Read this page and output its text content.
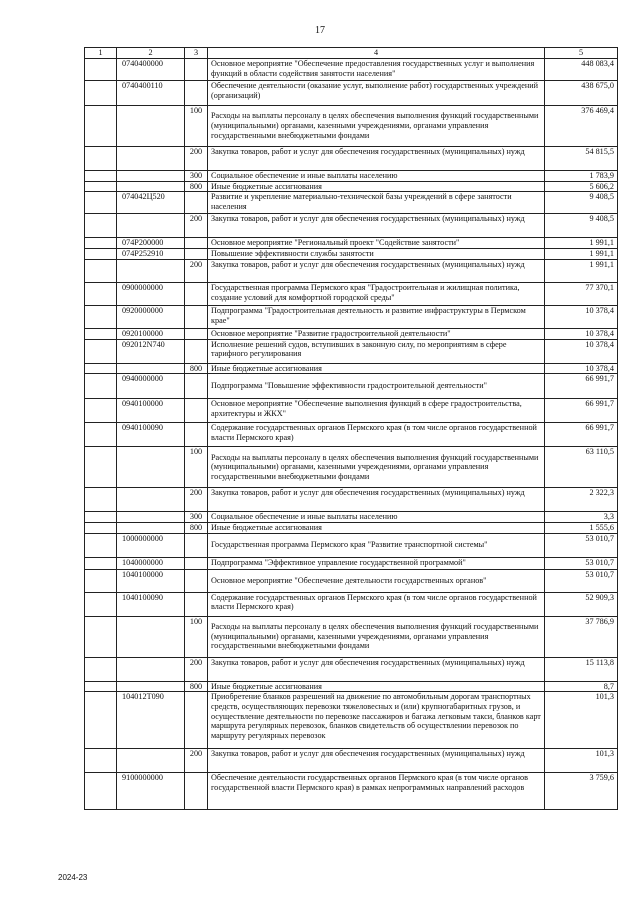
17
1	2	3	4	5
	0740400000		Основное мероприятие "Обеспечение предоставления государственных услуг и выполнения функций в области содействия занятости населения"	448 083,4
	0740400110		Обеспечение деятельности (оказание услуг, выполнение работ) государственных учреждений (организаций)	438 675,0
		100	Расходы на выплаты персоналу в целях обеспечения выполнения функций государственными (муниципальными) органами, казенными учреждениями, органами управления государственными внебюджетными фондами	376 469,4
		200	Закупка товаров, работ и услуг для обеспечения государственных (муниципальных) нужд	54 815,5
		300	Социальное обеспечение и иные выплаты населению	1 783,9
		800	Иные бюджетные ассигнования	5 606,2
	074042Ц520		Развитие и укрепление материально-технической базы учреждений в сфере занятости населения	9 408,5
		200	Закупка товаров, работ и услуг для обеспечения государственных (муниципальных) нужд	9 408,5
	074P200000		Основное мероприятие "Региональный проект "Содействие занятости"	1 991,1
	074P252910		Повышение эффективности службы занятости	1 991,1
		200	Закупка товаров, работ и услуг для обеспечения государственных (муниципальных) нужд	1 991,1
	0900000000		Государственная программа Пермского края "Градостроительная и жилищная политика, создание условий для комфортной городской среды"	77 370,1
	0920000000		Подпрограмма "Градостроительная деятельность и развитие инфраструктуры в Пермском крае"	10 378,4
	0920100000		Основное мероприятие "Развитие градостроительной деятельности"	10 378,4
	092012N740		Исполнение решений судов, вступивших в законную силу, по мероприятиям в сфере тарифного регулирования	10 378,4
		800	Иные бюджетные ассигнования	10 378,4
	0940000000		Подпрограмма "Повышение эффективности градостроительной деятельности"	66 991,7
	0940100000		Основное мероприятие "Обеспечение выполнения функций в сфере градостроительства, архитектуры и ЖКХ"	66 991,7
	0940100090		Содержание государственных органов Пермского края (в том числе органов государственной власти Пермского края)	66 991,7
		100	Расходы на выплаты персоналу в целях обеспечения выполнения функций государственными (муниципальными) органами, казенными учреждениями, органами управления государственными внебюджетными фондами	63 110,5
		200	Закупка товаров, работ и услуг для обеспечения государственных (муниципальных) нужд	2 322,3
		300	Социальное обеспечение и иные выплаты населению	3,3
		800	Иные бюджетные ассигнования	1 555,6
	1000000000		Государственная программа Пермского края "Развитие транспортной системы"	53 010,7
	1040000000		Подпрограмма "Эффективное управление государственной программой"	53 010,7
	1040100000		Основное мероприятие "Обеспечение деятельности государственных органов"	53 010,7
	1040100090		Содержание государственных органов Пермского края (в том числе органов государственной власти Пермского края)	52 909,3
		100	Расходы на выплаты персоналу в целях обеспечения выполнения функций государственными (муниципальными) органами, казенными учреждениями, органами управления государственными внебюджетными фондами	37 786,9
		200	Закупка товаров, работ и услуг для обеспечения государственных (муниципальных) нужд	15 113,8
		800	Иные бюджетные ассигнования	8,7
	104012Т090		Приобретение бланков разрешений на движение по автомобильным дорогам транспортных средств, осуществляющих перевозки тяжеловесных и (или) крупногабаритных грузов, и осуществление деятельности по перевозке пассажиров и багажа легковым такси, бланков карт маршрута регулярных перевозок, бланков свидетельств об осуществлении перевозок по маршруту регулярных перевозок	101,3
		200	Закупка товаров, работ и услуг для обеспечения государственных (муниципальных) нужд	101,3
	9100000000		Обеспечение деятельности государственных органов Пермского края (в том числе органов государственной власти Пермского края) в рамках непрограммных направлений расходов	3 759,6
2024-23
